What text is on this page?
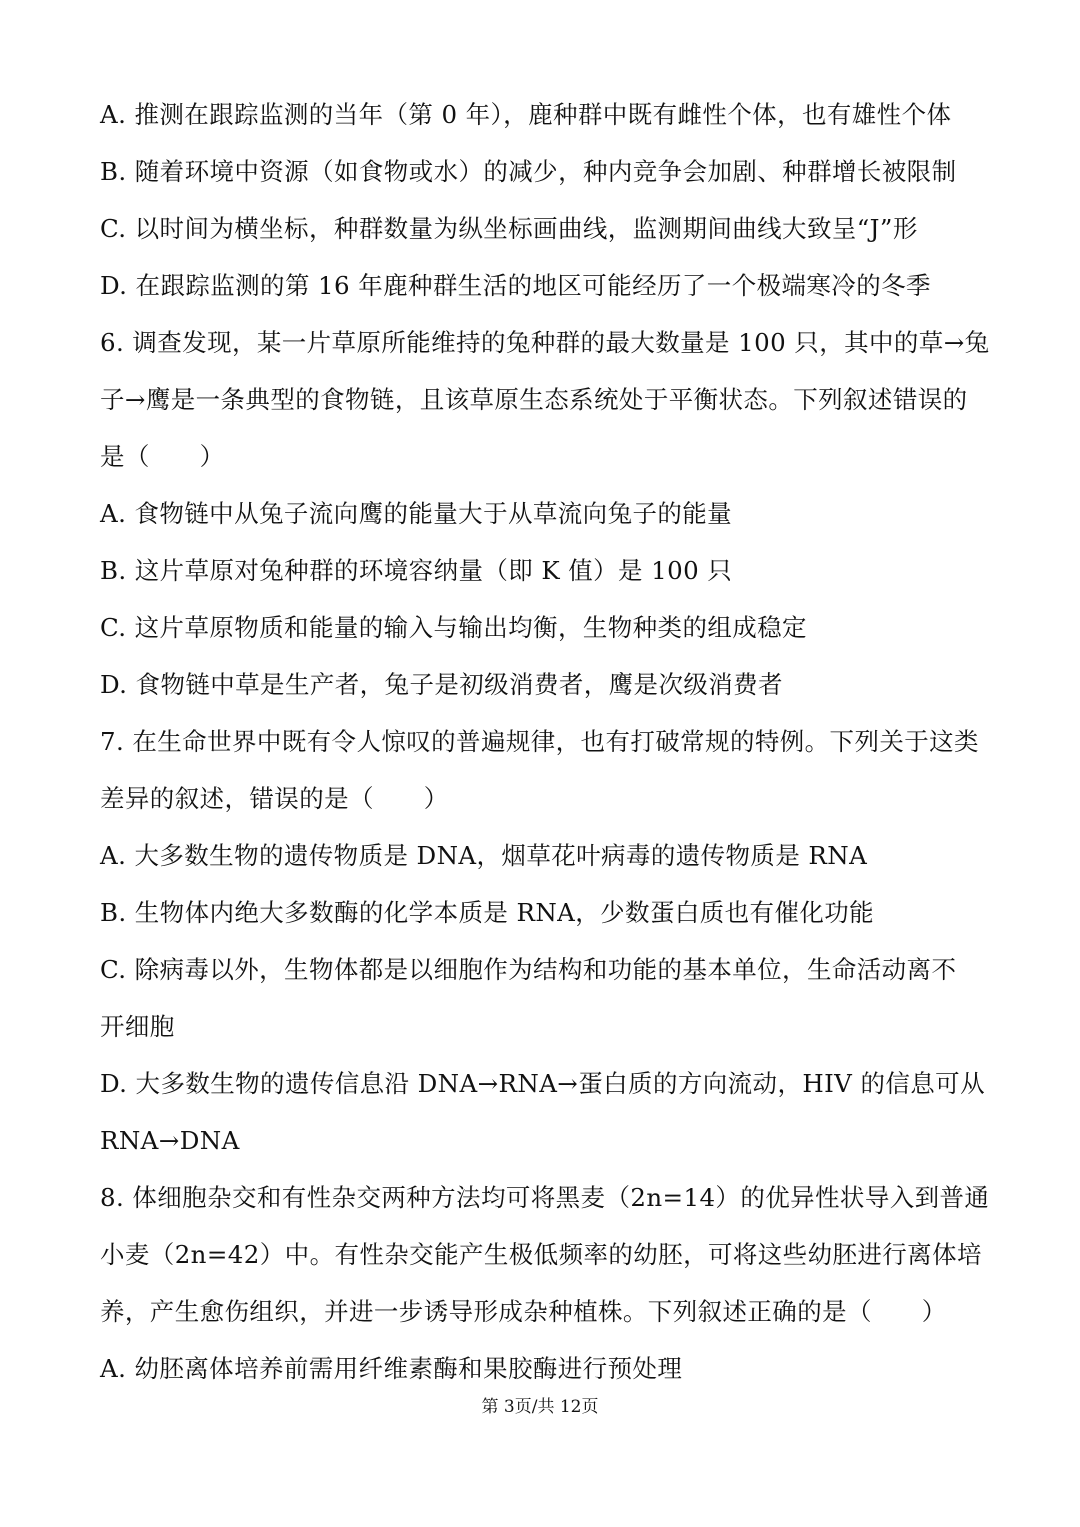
A. 推测在跟踪监测的当年（第 0 年），鹿种群中既有雌性个体，也有雄性个体
B. 随着环境中资源（如食物或水）的减少，种内竞争会加剧、种群增长被限制
C. 以时间为横坐标，种群数量为纵坐标画曲线，监测期间曲线大致呈“J”形
D. 在跟踪监测的第 16 年鹿种群生活的地区可能经历了一个极端寒冷的冬季
6. 调查发现，某一片草原所能维持的兔种群的最大数量是 100 只，其中的草→兔
子→鹰是一条典型的食物链，且该草原生态系统处于平衡状态。下列叙述错误的
是（　　）
A. 食物链中从兔子流向鹰的能量大于从草流向兔子的能量
B. 这片草原对兔种群的环境容纳量（即 K 值）是 100 只
C. 这片草原物质和能量的输入与输出均衡，生物种类的组成稳定
D. 食物链中草是生产者，兔子是初级消费者，鹰是次级消费者
7. 在生命世界中既有令人惊叹的普遍规律，也有打破常规的特例。下列关于这类
差异的叙述，错误的是（　　）
A. 大多数生物的遗传物质是 DNA，烟草花叶病毒的遗传物质是 RNA
B. 生物体内绝大多数酶的化学本质是 RNA，少数蛋白质也有催化功能
C. 除病毒以外，生物体都是以细胞作为结构和功能的基本单位，生命活动离不
开细胞
D. 大多数生物的遗传信息沿 DNA→RNA→蛋白质的方向流动，HIV 的信息可从
RNA→DNA
8. 体细胞杂交和有性杂交两种方法均可将黑麦（2n=14）的优异性状导入到普通
小麦（2n=42）中。有性杂交能产生极低频率的幼胚，可将这些幼胚进行离体培
养，产生愈伤组织，并进一步诱导形成杂种植株。下列叙述正确的是（　　）
A. 幼胚离体培养前需用纤维素酶和果胶酶进行预处理
第 3页/共 12页
